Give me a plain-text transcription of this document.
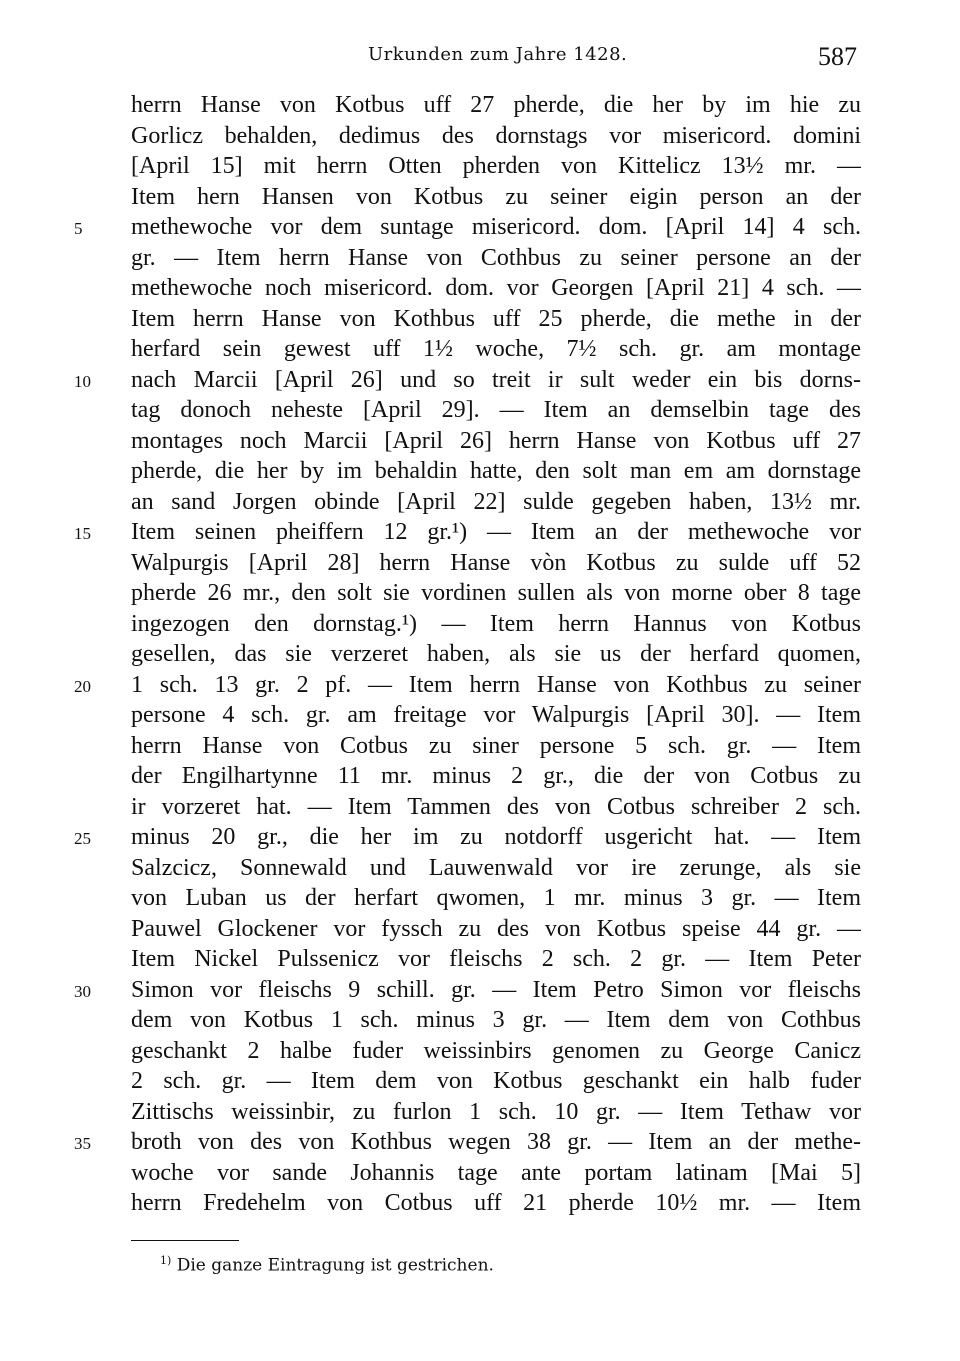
Urkunden zum Jahre 1428.	587
herrn Hanse von Kotbus uff 27 pherde, die her by im hie zu
Gorlicz behalden, dedimus des dornstags vor misericord. domini
[April 15] mit herrn Otten pherden von Kittelicz 13½ mr. —
Item hern Hansen von Kotbus zu seiner eigin person an der
methewoche vor dem suntage misericord. dom. [April 14] 4 sch.
gr. — Item herrn Hanse von Cothbus zu seiner persone an der
methewoche noch misericord. dom. vor Georgen [April 21] 4 sch. —
Item herrn Hanse von Kothbus uff 25 pherde, die methe in der
herfard sein gewest uff 1½ woche, 7½ sch. gr. am montage
nach Marcii [April 26] und so treit ir sult weder ein bis dorns-
tag donoch neheste [April 29]. — Item an demselbin tage des
montages noch Marcii [April 26] herrn Hanse von Kotbus uff 27
pherde, die her by im behaldin hatte, den solt man em am dornstage
an sand Jorgen obinde [April 22] sulde gegeben haben, 13½ mr.
Item seinen pheiffern 12 gr.¹) — Item an der methewoche vor
Walpurgis [April 28] herrn Hanse vòn Kotbus zu sulde uff 52
pherde 26 mr., den solt sie vordinen sullen als von morne ober 8 tage
ingezogen den dornstag.¹) — Item herrn Hannus von Kotbus
gesellen, das sie verzeret haben, als sie us der herfard quomen,
1 sch. 13 gr. 2 pf. — Item herrn Hanse von Kothbus zu seiner
persone 4 sch. gr. am freitage vor Walpurgis [April 30]. — Item
herrn Hanse von Cotbus zu siner persone 5 sch. gr. — Item
der Engilhartynne 11 mr. minus 2 gr., die der von Cotbus zu
ir vorzeret hat. — Item Tammen des von Cotbus schreiber 2 sch.
minus 20 gr., die her im zu notdorff usgericht hat. — Item
Salzcicz, Sonnewald und Lauwenwald vor ire zerunge, als sie
von Luban us der herfart qwomen, 1 mr. minus 3 gr. — Item
Pauwel Glockener vor fyssch zu des von Kotbus speise 44 gr. —
Item Nickel Pulssenicz vor fleischs 2 sch. 2 gr. — Item Peter
Simon vor fleischs 9 schill. gr. — Item Petro Simon vor fleischs
dem von Kotbus 1 sch. minus 3 gr. — Item dem von Cothbus
geschankt 2 halbe fuder weissinbirs genomen zu George Canicz
2 sch. gr. — Item dem von Kotbus geschankt ein halb fuder
Zittischs weissinbir, zu furlon 1 sch. 10 gr. — Item Tethaw vor
broth von des von Kothbus wegen 38 gr. — Item an der methe-
woche vor sande Johannis tage ante portam latinam [Mai 5]
herrn Fredehelm von Cotbus uff 21 pherde 10½ mr. — Item
5
10
15
20
25
30
35
$^{1)}$ Die ganze Eintragung ist gestrichen.
